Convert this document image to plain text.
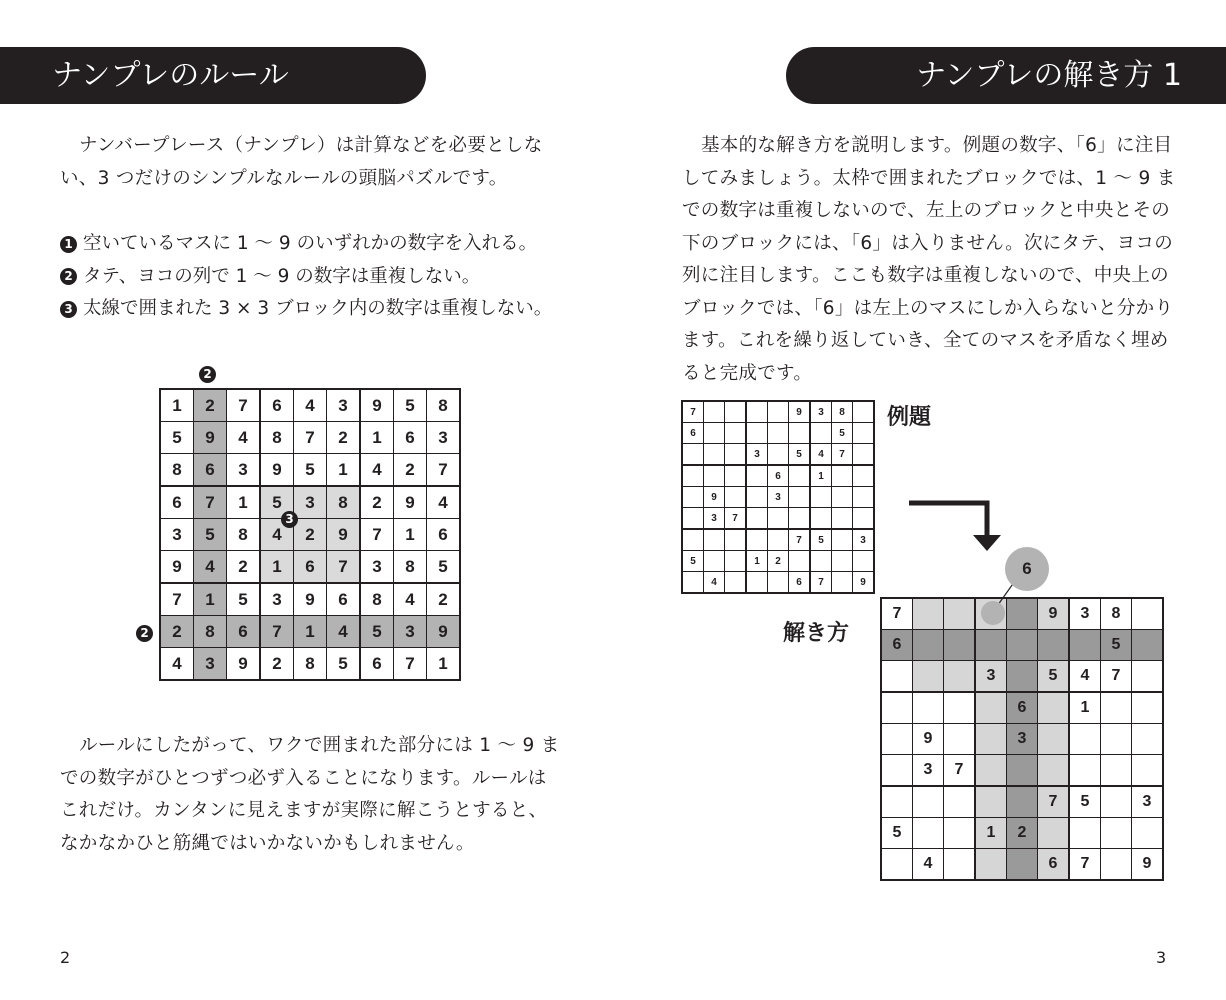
ナンプレのルール
ナンバープレース（ナンプレ）は計算などを必要としな
い、3 つだけのシンプルなルールの頭脳パズルです。
1 空いているマスに 1 ～ 9 のいずれかの数字を入れる。
2 タテ、ヨコの列で 1 ～ 9 の数字は重複しない。
3 太線で囲まれた 3 × 3 ブロック内の数字は重複しない。
2
2
1	2	7	6	4	3	9	5	8
5	9	4	8	7	2	1	6	3
8	6	3	9	5	1	4	2	7
6	7	1	5	3	8	2	9	4
3	5	8	4	2	9	7	1	6
9	4	2	1	6	7	3	8	5
7	1	5	3	9	6	8	4	2
2	8	6	7	1	4	5	3	9
4	3	9	2	8	5	6	7	1
3
ルールにしたがって、ワクで囲まれた部分には 1 ～ 9 ま
での数字がひとつずつ必ず入ることになります。ルールは
これだけ。カンタンに見えますが実際に解こうとすると、
なかなかひと筋縄ではいかないかもしれません。
2
ナンプレの解き方 1
基本的な解き方を説明します。例題の数字、「6」に注目
してみましょう。太枠で囲まれたブロックでは、1 ～ 9 ま
での数字は重複しないので、左上のブロックと中央とその
下のブロックには、「6」は入りません。次にタテ、ヨコの
列に注目します。ここも数字は重複しないので、中央上の
ブロックでは、「6」は左上のマスにしか入らないと分かり
ます。これを繰り返していき、全てのマスを矛盾なく埋め
ると完成です。
7					9	3	8	
6							5	
			3		5	4	7	
				6		1		
	9			3				
	3	7						
					7	5		3
5			1	2				
	4				6	7		9
例題
解き方
7					9	3	8	
6							5	
			3		5	4	7	
				6		1		
	9			3				
	3	7						
					7	5		3
5			1	2				
	4				6	7		9
6
3
